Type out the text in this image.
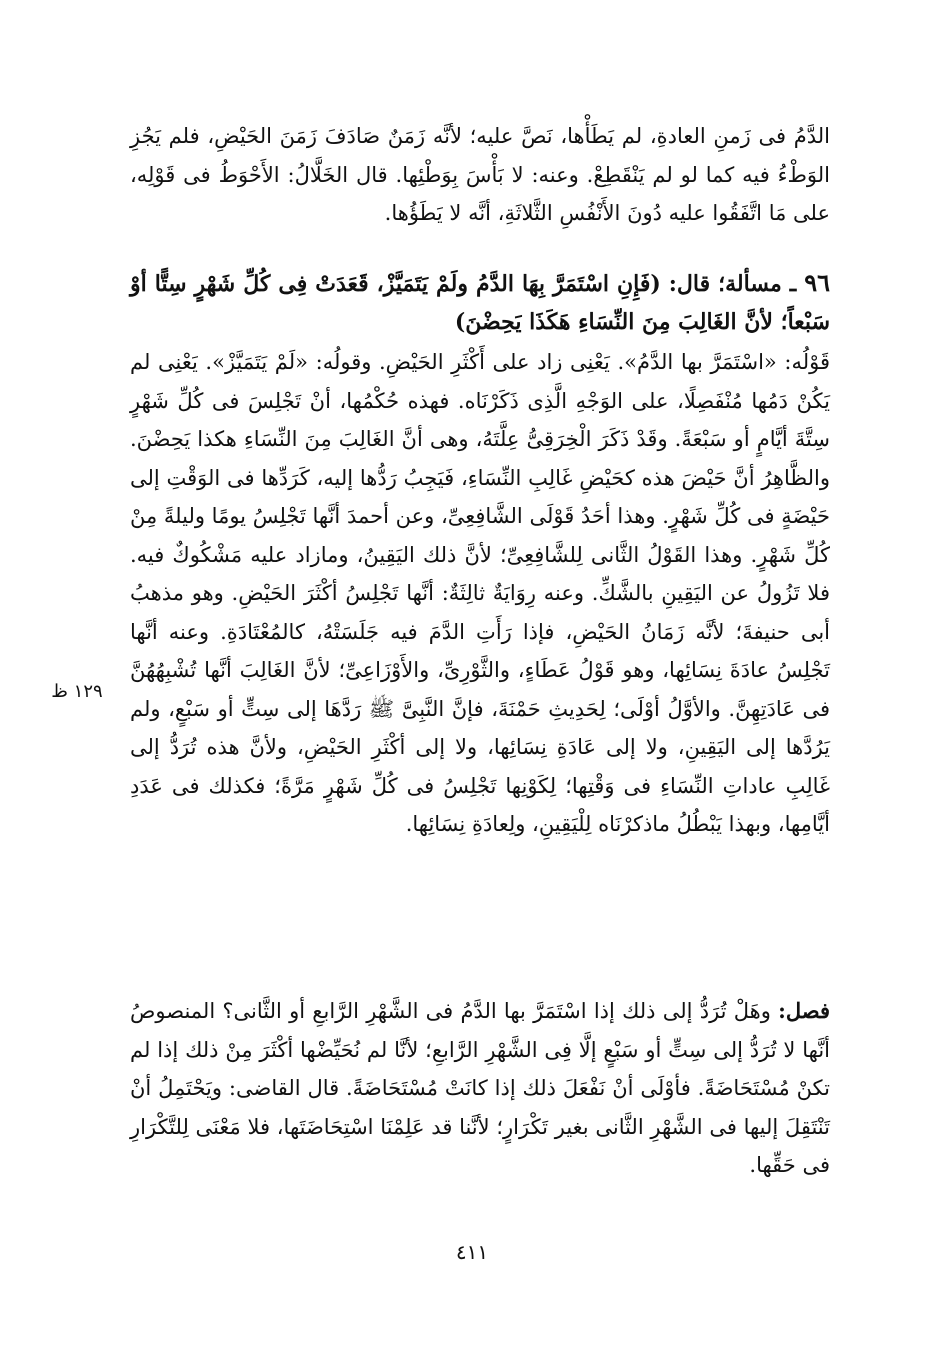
الدَّمُ فى زَمنِ العادةِ، لم يَطَأْها، نَصَّ عليه؛ لأنَّه زَمَنٌ صَادَفَ زَمَنَ الحَيْضِ، فلم يَجُزِ الوَطْءُ فيه كما لو لم يَنْقَطِعْ. وعنه: لا بَأْسَ بِوَطْئِها. قال الخَلَّالُ: الأَحْوَطُ فى قَوْلِه، على مَا اتَّفَقُوا عليه دُونَ الأَنْفُسِ الثَّلاثَةِ، أنَّه لا يَطَؤُها.

٩٦ ـ مسألة؛ قال: (فَإِنِ اسْتَمَرَّ بِهَا الدَّمُ ولَمْ يَتَمَيَّزْ، قَعَدَتْ فِى كُلِّ شَهْرٍ سِتًّا أوْ سَبْعاً؛ لأنَّ الغَالِبَ مِنَ النِّسَاءِ هَكَذَا يَحِضْنَ)

قَوْلُه: «اسْتَمَرَّ بها الدَّمُ». يَعْنِى زاد على أَكْثَرِ الحَيْضِ. وقولُه: «لَمْ يَتَمَيَّزْ». يَعْنِى لم يَكُنْ دَمُها مُنْفَصِلًا، على الوَجْهِ الَّذِى ذَكَرْنَاه. فهذه حُكْمُها، أنْ تَجْلِسَ فى كُلِّ شَهْرٍ سِتَّةَ أيَّامٍ أو سَبْعَةً. وقَدْ ذَكَرَ الْخِرَقِىُّ عِلَّتَهُ، وهى أنَّ الغَالِبَ مِنَ النِّسَاءِ هكذا يَحِضْنَ. والظَّاهِرُ أنَّ حَيْضَ هذه كحَيْضِ غَالِبِ النِّسَاءِ، فَيَجِبُ رَدُّها إليه، كَرَدِّها فى الوَقْتِ إلى حَيْضَةٍ فى كُلِّ شَهْرٍ. وهذا أحَدُ قَوْلَى الشَّافِعِىِّ، وعن أحمدَ أنَّها تَجْلِسُ يومًا وليلةً مِنْ كُلِّ شَهْرٍ. وهذا القَوْلُ الثَّانى لِلشَّافِعِىِّ؛ لأنَّ ذلك اليَقِينُ، ومازاد عليه مَشْكُوكٌ فيه. فلا تَزُولُ عن اليَقِينِ بالشَّكِّ. وعنه رِوَايَةٌ ثالِثَةٌ: أنَّها تَجْلِسُ أكْثَرَ الحَيْضِ. وهو مذهبُ أبى حنيفةَ؛ لأنَّه زَمَانُ الحَيْضِ، فإذا رَأَتِ الدَّمَ فيه جَلَسَتْهُ، كالمُعْتَادَةِ. وعنه أنَّها تَجْلِسُ عادَةَ نِسَائِها، وهو قَوْلُ عَطَاءٍ، والثَّوْرِىِّ، والأَوْزَاعِىِّ؛ لأنَّ الغَالِبَ أنَّها تُشْبِهُهُنَّ فى عَادَتِهِنَّ. والأوَّلُ أوْلَى؛ لِحَدِيثِ حَمْنَةَ، فإنَّ النَّبِىَّ ﷺ رَدَّهَا إلى سِتٍّ أو سَبْعٍ، ولم يَرُدَّها إلى اليَقِينِ، ولا إلى عَادَةِ نِسَائِها، ولا إلى أكْثَرِ الحَيْضِ، ولأنَّ هذه تُرَدُّ إلى غَالِبِ عاداتِ النِّسَاءِ فى وَقْتِها؛ لِكَوْنِها تَجْلِسُ فى كُلِّ شَهْرٍ مَرَّةً؛ فكذلك فى عَدَدِ أيَّامِها، وبهذا يَبْطُلُ ماذكرْنَاه لِلْيَقِينِ، ولِعادَةِ نِسَائِها.

فصل: وهَلْ تُرَدُّ إلى ذلك إذا اسْتَمَرَّ بها الدَّمُ فى الشَّهْرِ الرَّابعِ أو الثَّانى؟ المنصوصُ أنَّها لا تُرَدُّ إلى سِتٍّ أو سَبْعٍ إلَّا فِى الشَّهْرِ الرَّابعِ؛ لأنَّا لم نُحَيِّضْها أكْثَرَ مِنْ ذلك إذا لم تكنْ مُسْتَحَاضَةً. فأوْلَى أنْ نَفْعَلَ ذلك إذا كانَتْ مُسْتَحَاضَةً. قال القاضى: ويَحْتَمِلُ أنْ تَنْتَقِلَ إليها فى الشَّهْرِ الثَّانى بغير تَكْرَارٍ؛ لأنَّنا قد عَلِمْنَا اسْتِحَاضَتَها، فلا مَعْنَى لِلتَّكْرَارِ فى حَقِّها.

١٢٩ ظ
٤١١
